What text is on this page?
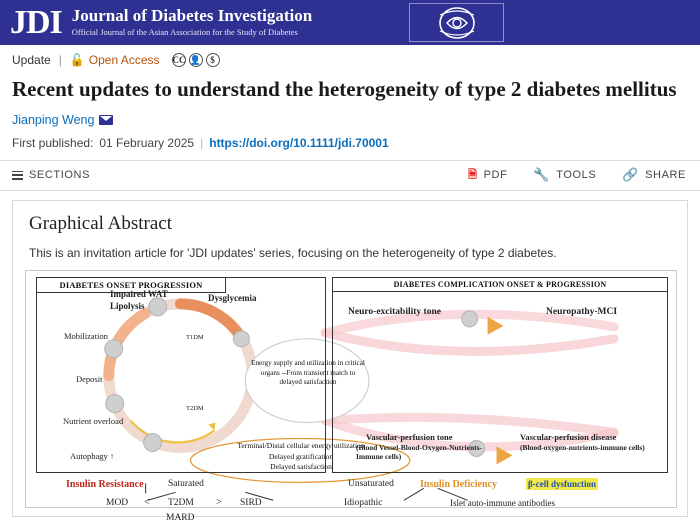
JDI Journal of Diabetes Investigation
Official Journal of the Asian Association for the Study of Diabetes
Update | 🔓 Open Access CC 👤	$
Recent updates to understand the heterogeneity of type 2 diabetes mellitus
Jianping Weng
First published: 01 February 2025 | https://doi.org/10.1111/jdi.70001
SECTIONS	🗎 PDF 🔧 TOOLS 🔗 SHARE
Graphical Abstract
This is an invitation article for 'JDI updates' series, focusing on the heterogeneity of type 2 diabetes.
DIABETES ONSET PROGRESSION	DIABETES COMPLICATION ONSET & PROGRESSION
Impaired WAT
Lipolysis
Dysglycemia
Mobilization
Deposit
Nutrient overload
Autophagy ↑
T1DM
T2DM
Energy supply and utilization in critical organs --From transient match to delayed satisfaction
Terminal/Distal cellular energy utilization
Delayed gratification
Delayed satisfaction
Neuro-excitability tone	Neuropathy-MCI
Vascular-perfusion tone
(Blood Vessel-Blood-Oxygen-Nutrients-Immune cells)
Vascular-perfusion disease
(Blood-oxygen-nutrients-immune cells)
Insulin Resistance	Saturated	Unsaturated	Insulin Deficiency	β-cell dysfunction
MOD < T2DM > SIRD
MARD
Idiopathic	Islet auto-immune antibodies
